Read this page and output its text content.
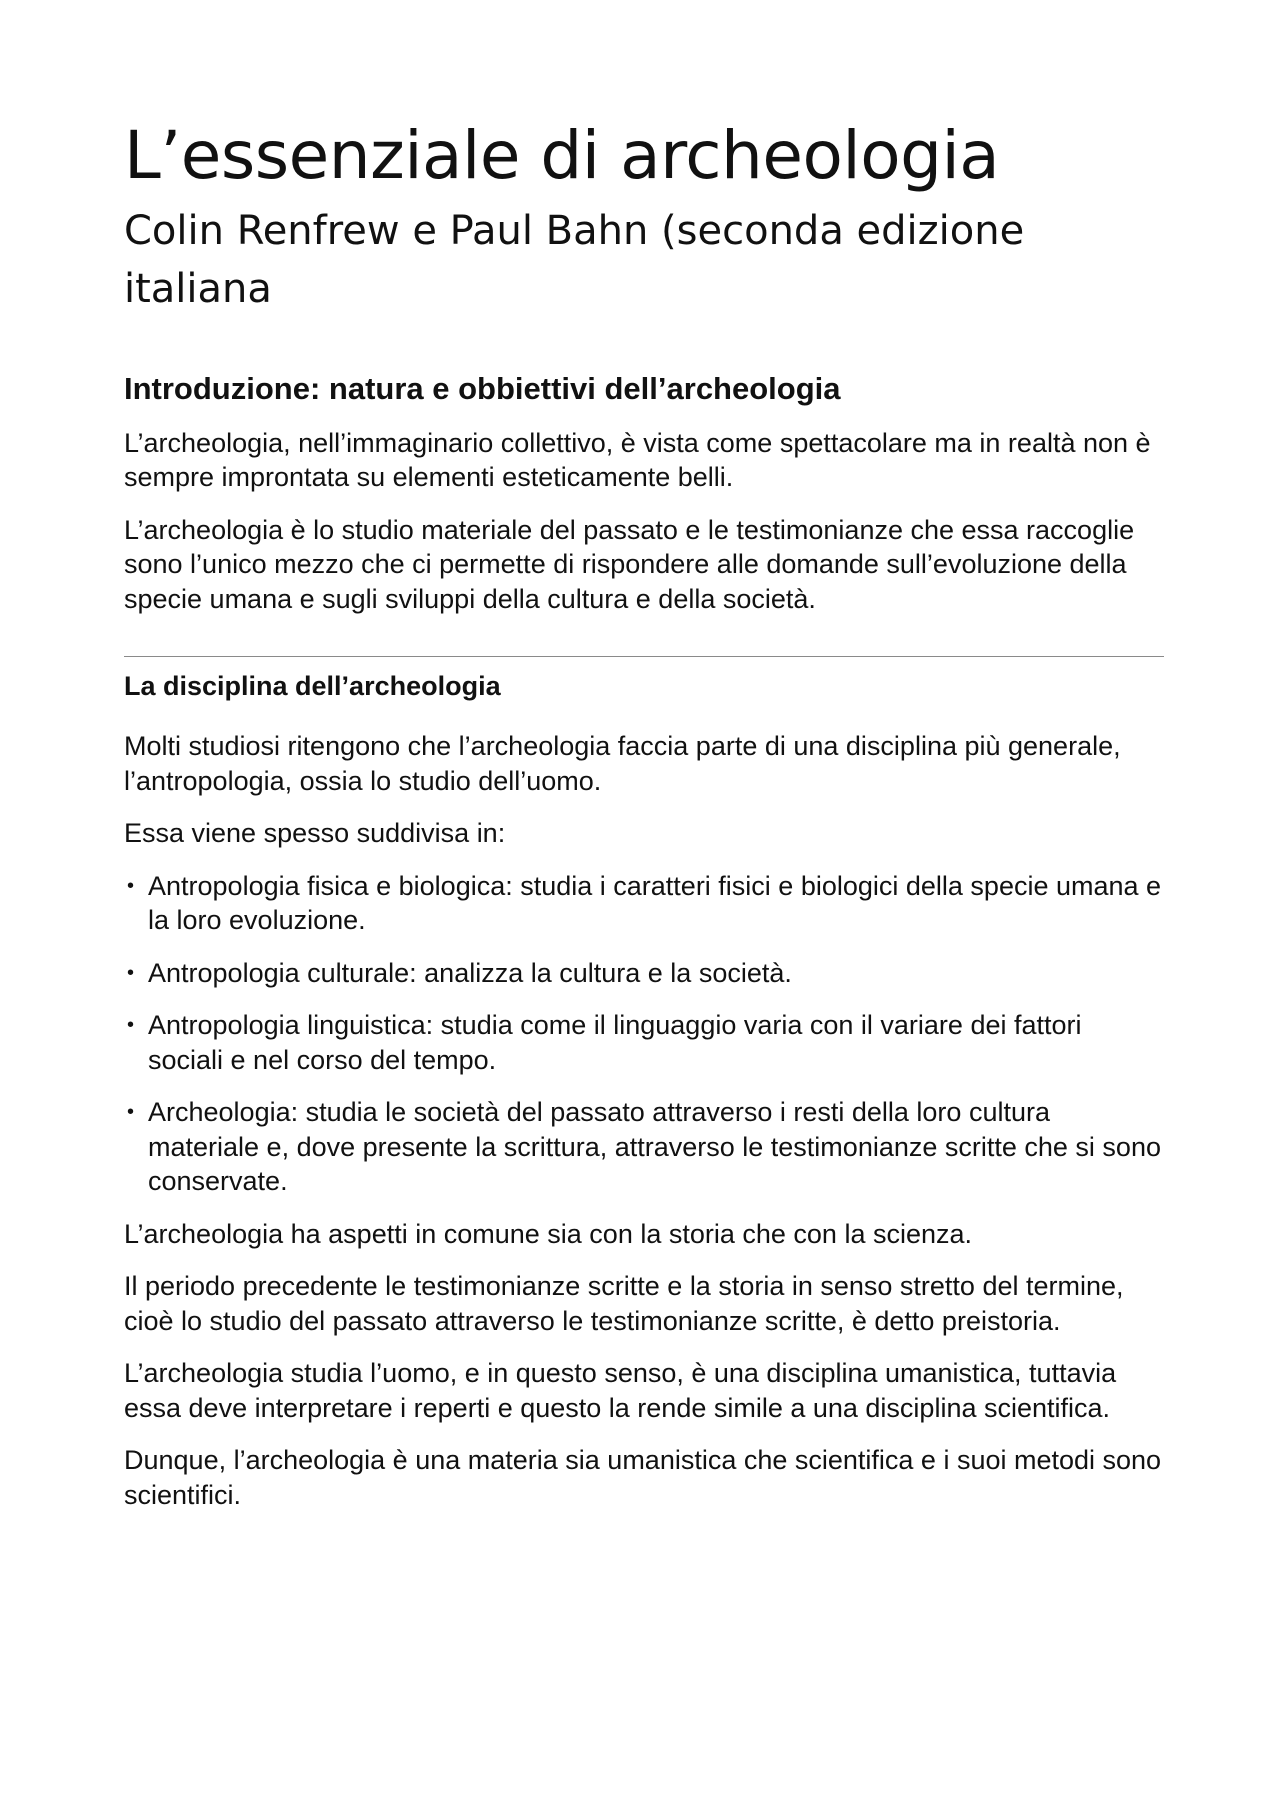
L’essenziale di archeologia
Colin Renfrew e Paul Bahn (seconda edizione italiana
Introduzione: natura e obbiettivi dell’archeologia

L’archeologia, nell’immaginario collettivo, è vista come spettacolare ma in realtà non è sempre improntata su elementi esteticamente belli.

L’archeologia è lo studio materiale del passato e le testimonianze che essa raccoglie sono l’unico mezzo che ci permette di rispondere alle domande sull’evoluzione della specie umana e sugli sviluppi della cultura e della società.

La disciplina dell’archeologia

Molti studiosi ritengono che l’archeologia faccia parte di una disciplina più generale, l’antropologia, ossia lo studio dell’uomo.

Essa viene spesso suddivisa in:

• Antropologia fisica e biologica: studia i caratteri fisici e biologici della specie umana e la loro evoluzione.
• Antropologia culturale: analizza la cultura e la società.
• Antropologia linguistica: studia come il linguaggio varia con il variare dei fattori sociali e nel corso del tempo.
• Archeologia: studia le società del passato attraverso i resti della loro cultura materiale e, dove presente la scrittura, attraverso le testimonianze scritte che si sono conservate.

L’archeologia ha aspetti in comune sia con la storia che con la scienza.

Il periodo precedente le testimonianze scritte e la storia in senso stretto del termine, cioè lo studio del passato attraverso le testimonianze scritte, è detto preistoria.

L’archeologia studia l’uomo, e in questo senso, è una disciplina umanistica, tuttavia essa deve interpretare i reperti e questo la rende simile a una disciplina scientifica.

Dunque, l’archeologia è una materia sia umanistica che scientifica e i suoi metodi sono scientifici.
